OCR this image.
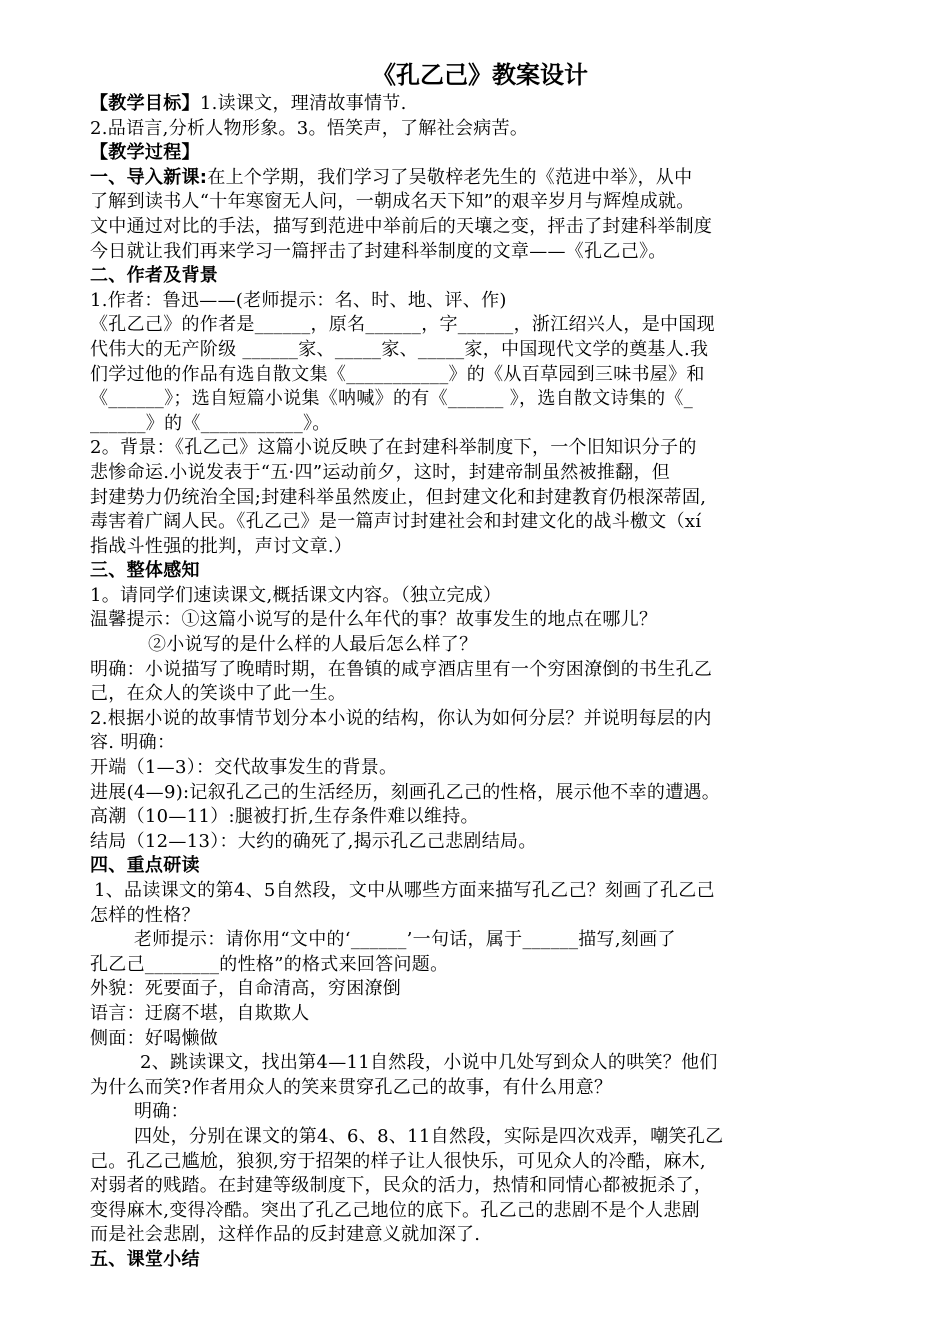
《孔乙己》教案设计
【教学目标】1.读课文，理清故事情节.
2.品语言,分析人物形象。3。悟笑声，了解社会病苦。
【教学过程】
一、导入新课:在上个学期，我们学习了吴敬梓老先生的《范进中举》，从中
了解到读书人“十年寒窗无人问，一朝成名天下知”的艰辛岁月与辉煌成就。
文中通过对比的手法，描写到范进中举前后的天壤之变，抨击了封建科举制度
今日就让我们再来学习一篇抨击了封建科举制度的文章——《孔乙己》。
二、作者及背景
1.作者：鲁迅——(老师提示：名、时、地、评、作)
《孔乙己》的作者是______，原名______，字______，浙江绍兴人，是中国现
代伟大的无产阶级 ______家、_____家、_____家，中国现代文学的奠基人.我
们学过他的作品有选自散文集《___________》的《从百草园到三味书屋》和
《______》；选自短篇小说集《呐喊》的有《______ 》，选自散文诗集的《_
______》的《___________》。
2。背景：《孔乙己》这篇小说反映了在封建科举制度下，一个旧知识分子的
悲惨命运.小说发表于“五·四”运动前夕，这时，封建帝制虽然被推翻，但
封建势力仍统治全国;封建科举虽然废止，但封建文化和封建教育仍根深蒂固,
毒害着广阔人民。《孔乙己》是一篇声讨封建社会和封建文化的战斗檄文（xí
指战斗性强的批判，声讨文章.）
三、整体感知
1。请同学们速读课文,概括课文内容。（独立完成）
温馨提示：①这篇小说写的是什么年代的事？故事发生的地点在哪儿？
②小说写的是什么样的人最后怎么样了？
明确：小说描写了晚晴时期，在鲁镇的咸亨酒店里有一个穷困潦倒的书生孔乙
己，在众人的笑谈中了此一生。
2.根据小说的故事情节划分本小说的结构，你认为如何分层？并说明每层的内
容. 明确：
开端（1—3）：交代故事发生的背景。
进展(4—9):记叙孔乙己的生活经历，刻画孔乙己的性格，展示他不幸的遭遇。
高潮（10—11）:腿被打折,生存条件难以维持。
结局（12—13）：大约的确死了,揭示孔乙己悲剧结局。
四、重点研读
1、品读课文的第4、5自然段，文中从哪些方面来描写孔乙己？刻画了孔乙己
怎样的性格？
老师提示：请你用“文中的‘______’一句话，属于______描写,刻画了
孔乙己________的性格”的格式来回答问题。
外貌：死要面子，自命清高，穷困潦倒
语言：迂腐不堪，自欺欺人
侧面：好喝懒做
2、跳读课文，找出第4—11自然段，小说中几处写到众人的哄笑？他们
为什么而笑?作者用众人的笑来贯穿孔乙己的故事，有什么用意？
明确：
四处，分别在课文的第4、6、8、11自然段，实际是四次戏弄，嘲笑孔乙
己。孔乙己尴尬，狼狈,穷于招架的样子让人很快乐，可见众人的冷酷，麻木,
对弱者的贱踏。在封建等级制度下，民众的活力，热情和同情心都被扼杀了，
变得麻木,变得冷酷。突出了孔乙己地位的底下。孔乙己的悲剧不是个人悲剧
而是社会悲剧，这样作品的反封建意义就加深了.
五、课堂小结
